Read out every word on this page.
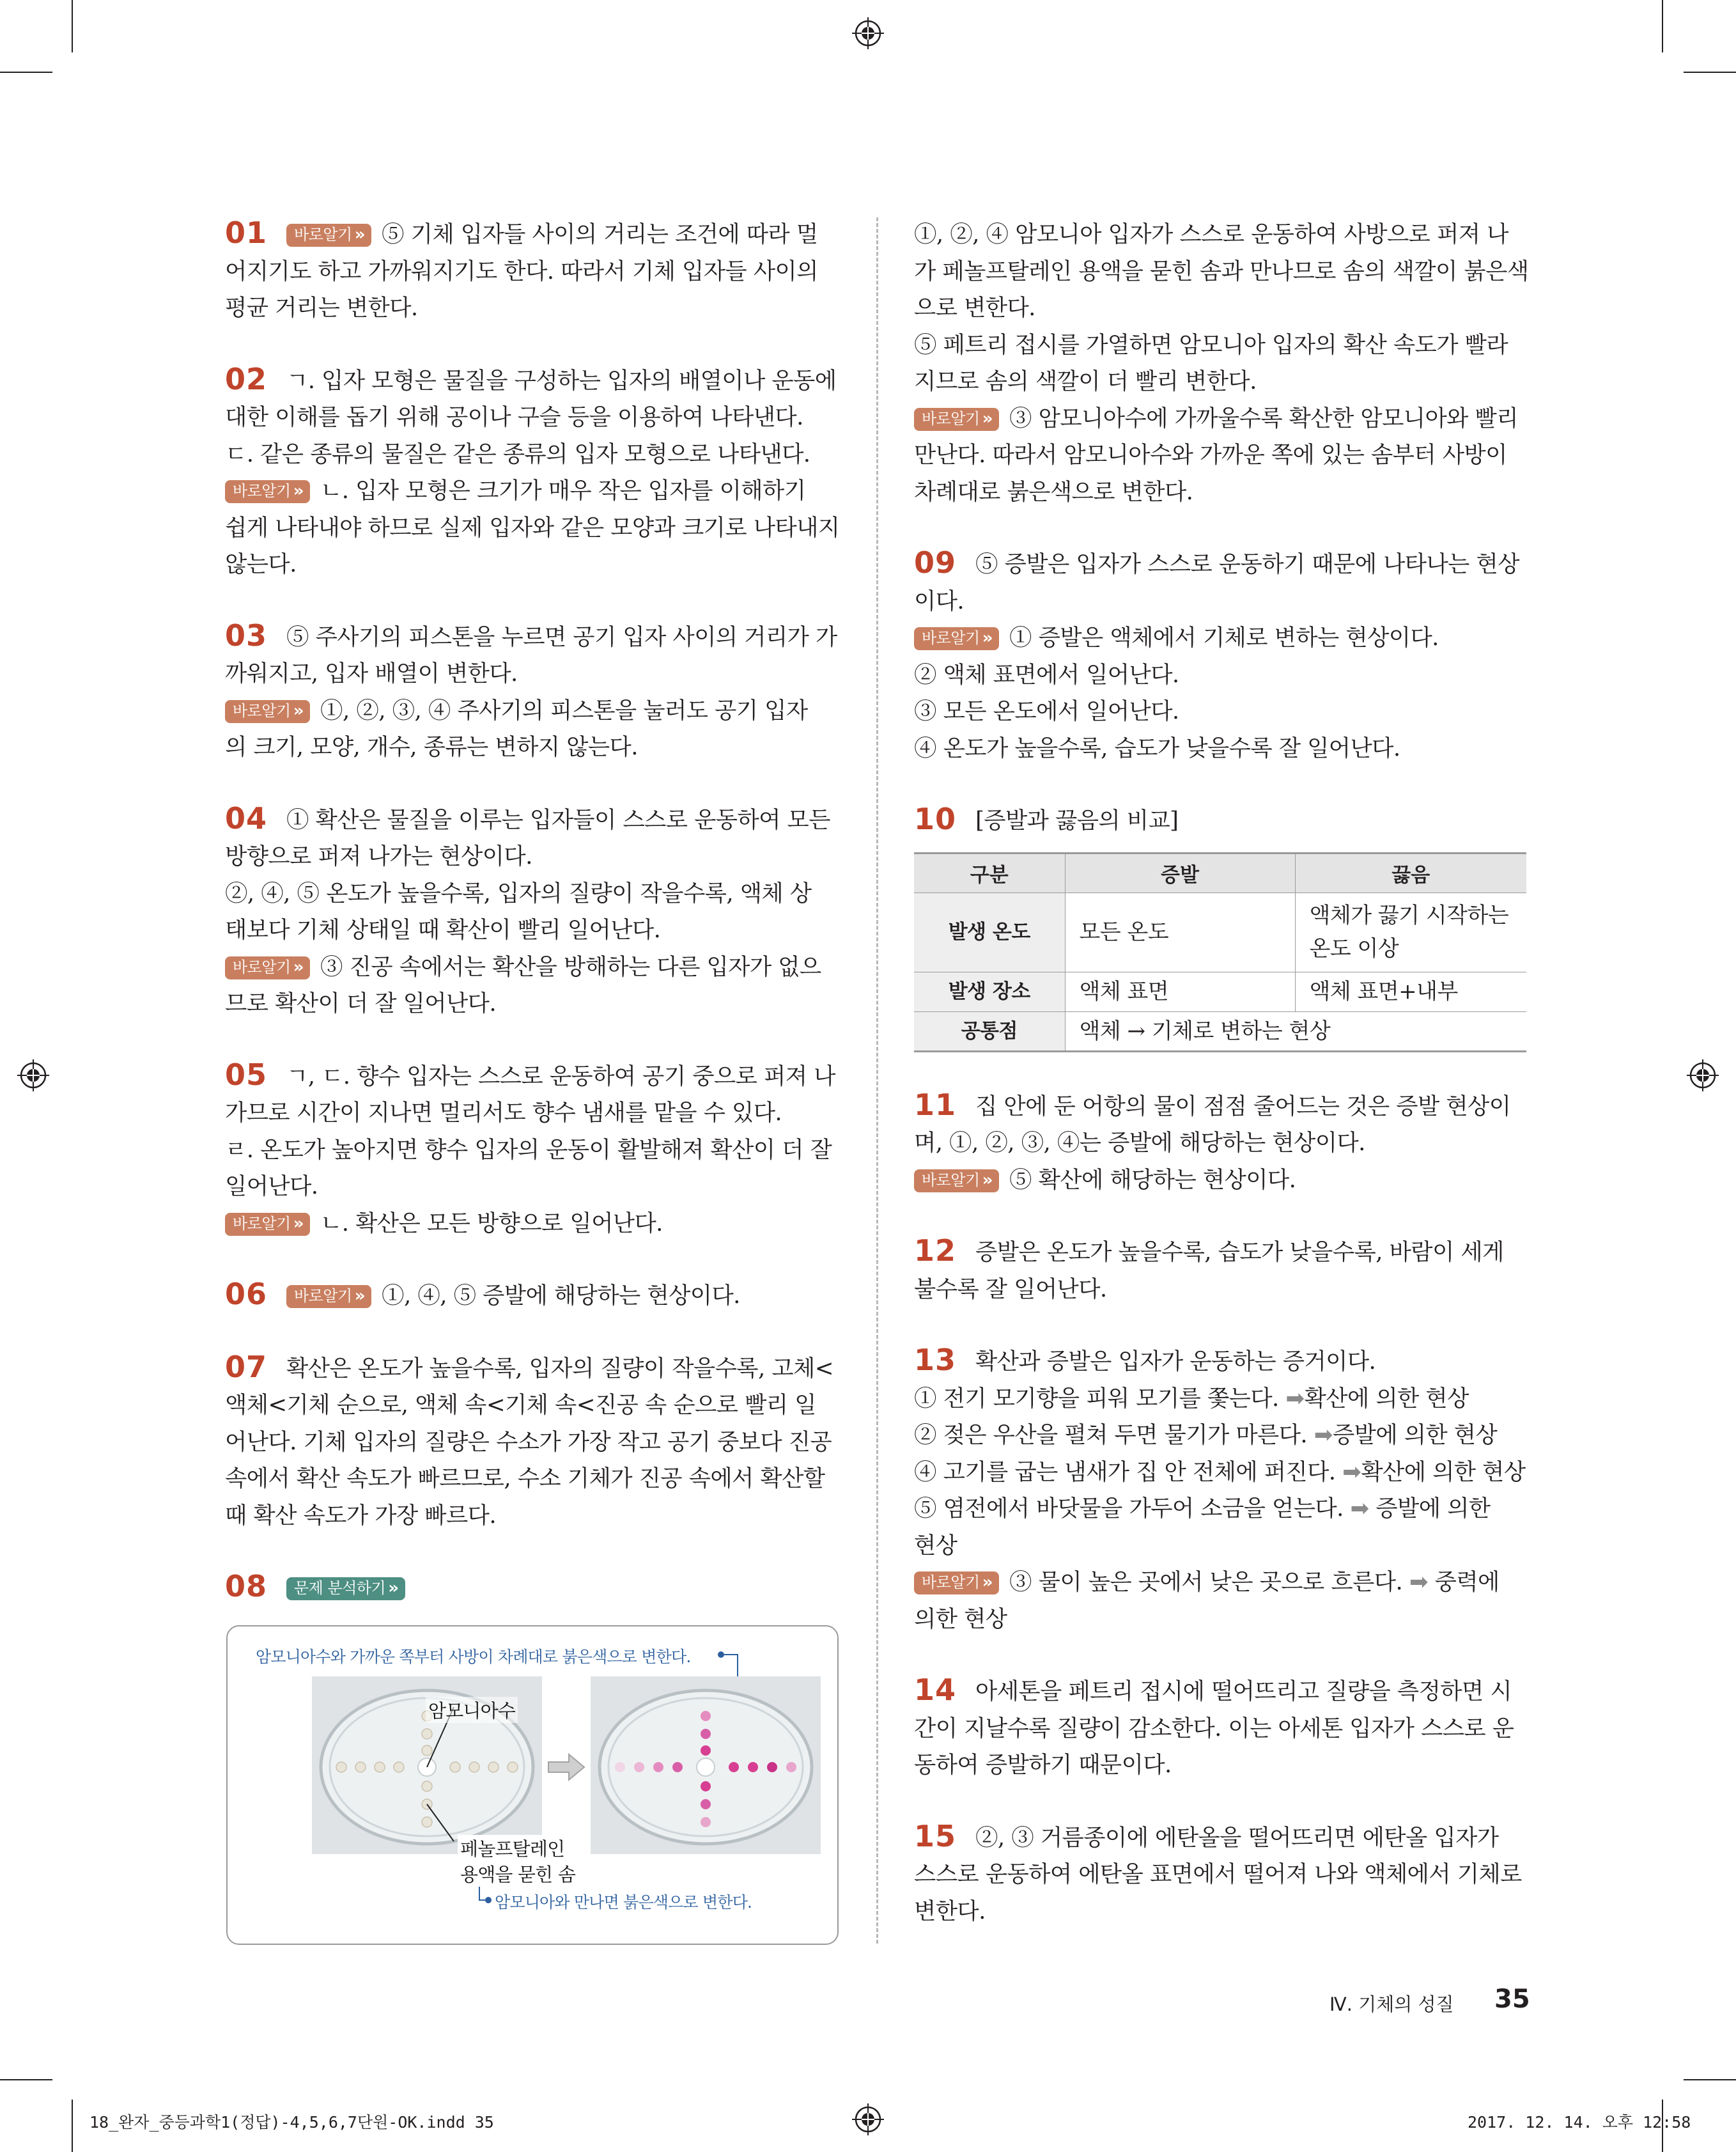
01 바로알기 » ⑤ 기체 입자들 사이의 거리는 조건에 따라 멀
어지기도 하고 가까워지기도 한다. 따라서 기체 입자들 사이의
평균 거리는 변한다.
02 ㄱ. 입자 모형은 물질을 구성하는 입자의 배열이나 운동에
대한 이해를 돕기 위해 공이나 구슬 등을 이용하여 나타낸다.
ㄷ. 같은 종류의 물질은 같은 종류의 입자 모형으로 나타낸다.
바로알기 » ㄴ. 입자 모형은 크기가 매우 작은 입자를 이해하기
쉽게 나타내야 하므로 실제 입자와 같은 모양과 크기로 나타내지
않는다.
03 ⑤ 주사기의 피스톤을 누르면 공기 입자 사이의 거리가 가
까워지고, 입자 배열이 변한다.
바로알기 » ①, ②, ③, ④ 주사기의 피스톤을 눌러도 공기 입자
의 크기, 모양, 개수, 종류는 변하지 않는다.
04 ① 확산은 물질을 이루는 입자들이 스스로 운동하여 모든
방향으로 퍼져 나가는 현상이다.
②, ④, ⑤ 온도가 높을수록, 입자의 질량이 작을수록, 액체 상
태보다 기체 상태일 때 확산이 빨리 일어난다.
바로알기 » ③ 진공 속에서는 확산을 방해하는 다른 입자가 없으
므로 확산이 더 잘 일어난다.
05 ㄱ, ㄷ. 향수 입자는 스스로 운동하여 공기 중으로 퍼져 나
가므로 시간이 지나면 멀리서도 향수 냄새를 맡을 수 있다.
ㄹ. 온도가 높아지면 향수 입자의 운동이 활발해져 확산이 더 잘
일어난다.
바로알기 » ㄴ. 확산은 모든 방향으로 일어난다.
06 바로알기 » ①, ④, ⑤ 증발에 해당하는 현상이다.
07 확산은 온도가 높을수록, 입자의 질량이 작을수록, 고체<
액체<기체 순으로, 액체 속<기체 속<진공 속 순으로 빨리 일
어난다. 기체 입자의 질량은 수소가 가장 작고 공기 중보다 진공
속에서 확산 속도가 빠르므로, 수소 기체가 진공 속에서 확산할
때 확산 속도가 가장 빠르다.
08 문제 분석하기 »
암모니아수와 가까운 쪽부터 사방이 차례대로 붉은색으로 변한다.
암모니아수
페놀프탈레인
용액을 묻힌 솜
암모니아와 만나면 붉은색으로 변한다.
①, ②, ④ 암모니아 입자가 스스로 운동하여 사방으로 퍼져 나
가 페놀프탈레인 용액을 묻힌 솜과 만나므로 솜의 색깔이 붉은색
으로 변한다.
⑤ 페트리 접시를 가열하면 암모니아 입자의 확산 속도가 빨라
지므로 솜의 색깔이 더 빨리 변한다.
바로알기 » ③ 암모니아수에 가까울수록 확산한 암모니아와 빨리
만난다. 따라서 암모니아수와 가까운 쪽에 있는 솜부터 사방이
차례대로 붉은색으로 변한다.
09 ⑤ 증발은 입자가 스스로 운동하기 때문에 나타나는 현상
이다.
바로알기 » ① 증발은 액체에서 기체로 변하는 현상이다.
② 액체 표면에서 일어난다.
③ 모든 온도에서 일어난다.
④ 온도가 높을수록, 습도가 낮을수록 잘 일어난다.
10 [증발과 끓음의 비교]
구분	증발	끓음
발생 온도	모든 온도	액체가 끓기 시작하는
온도 이상

발생 장소	액체 표면	액체 표면+내부
공통점	액체 → 기체로 변하는 현상	
11 집 안에 둔 어항의 물이 점점 줄어드는 것은 증발 현상이
며, ①, ②, ③, ④는 증발에 해당하는 현상이다.
바로알기 » ⑤ 확산에 해당하는 현상이다.
12 증발은 온도가 높을수록, 습도가 낮을수록, 바람이 세게
불수록 잘 일어난다.
13 확산과 증발은 입자가 운동하는 증거이다.
① 전기 모기향을 피워 모기를 쫓는다. ➡확산에 의한 현상
② 젖은 우산을 펼쳐 두면 물기가 마른다. ➡증발에 의한 현상
④ 고기를 굽는 냄새가 집 안 전체에 퍼진다. ➡확산에 의한 현상
⑤ 염전에서 바닷물을 가두어 소금을 얻는다. ➡ 증발에 의한
현상
바로알기 » ③ 물이 높은 곳에서 낮은 곳으로 흐른다. ➡ 중력에
의한 현상
14 아세톤을 페트리 접시에 떨어뜨리고 질량을 측정하면 시
간이 지날수록 질량이 감소한다. 이는 아세톤 입자가 스스로 운
동하여 증발하기 때문이다.
15 ②, ③ 거름종이에 에탄올을 떨어뜨리면 에탄올 입자가
스스로 운동하여 에탄올 표면에서 떨어져 나와 액체에서 기체로
변한다.
Ⅳ. 기체의 성질 35
18_완자_중등과학1(정답)-4,5,6,7단원-OK.indd 35	2017. 12. 14. 오후 12:58
